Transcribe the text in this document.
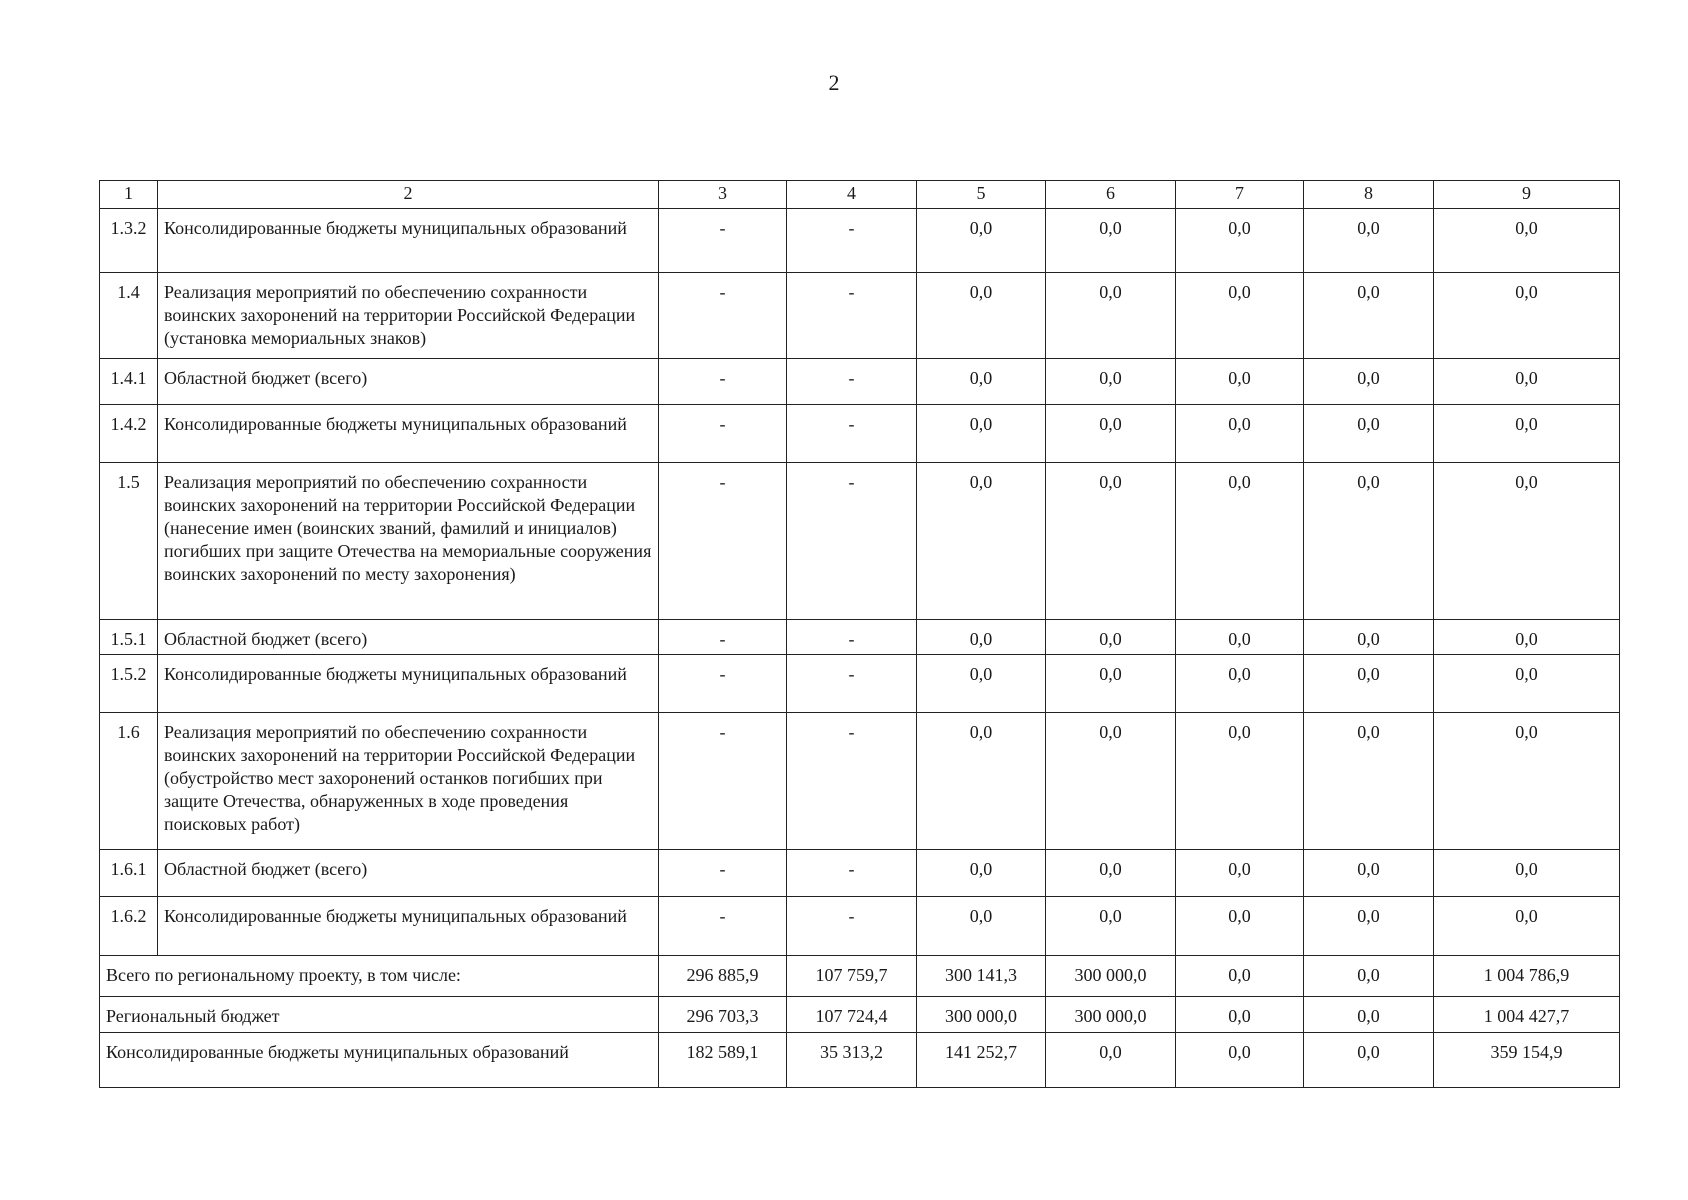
2
1	2	3	4	5	6	7	8	9
1.3.2	Консолидированные бюджеты муниципальных образований	-	-	0,0	0,0	0,0	0,0	0,0
1.4	Реализация мероприятий по обеспечению сохранности воинских захоронений на территории Российской Федерации (установка мемориальных знаков)	-	-	0,0	0,0	0,0	0,0	0,0
1.4.1	Областной бюджет (всего)	-	-	0,0	0,0	0,0	0,0	0,0
1.4.2	Консолидированные бюджеты муниципальных образований	-	-	0,0	0,0	0,0	0,0	0,0
1.5	Реализация мероприятий по обеспечению сохранности воинских захоронений на территории Российской Федерации (нанесение имен (воинских званий, фамилий и инициалов) погибших при защите Отечества на мемориальные сооружения воинских захоронений по месту захоронения)	-	-	0,0	0,0	0,0	0,0	0,0
1.5.1	Областной бюджет (всего)	-	-	0,0	0,0	0,0	0,0	0,0
1.5.2	Консолидированные бюджеты муниципальных образований	-	-	0,0	0,0	0,0	0,0	0,0
1.6	Реализация мероприятий по обеспечению сохранности воинских захоронений на территории Российской Федерации (обустройство мест захоронений останков погибших при защите Отечества, обнаруженных в ходе проведения поисковых работ)	-	-	0,0	0,0	0,0	0,0	0,0
1.6.1	Областной бюджет (всего)	-	-	0,0	0,0	0,0	0,0	0,0
1.6.2	Консолидированные бюджеты муниципальных образований	-	-	0,0	0,0	0,0	0,0	0,0
Всего по региональному проекту, в том числе:		296 885,9	107 759,7	300 141,3	300 000,0	0,0	0,0	1 004 786,9
Региональный бюджет		296 703,3	107 724,4	300 000,0	300 000,0	0,0	0,0	1 004 427,7
Консолидированные бюджеты муниципальных образований		182 589,1	35 313,2	141 252,7	0,0	0,0	0,0	359 154,9
